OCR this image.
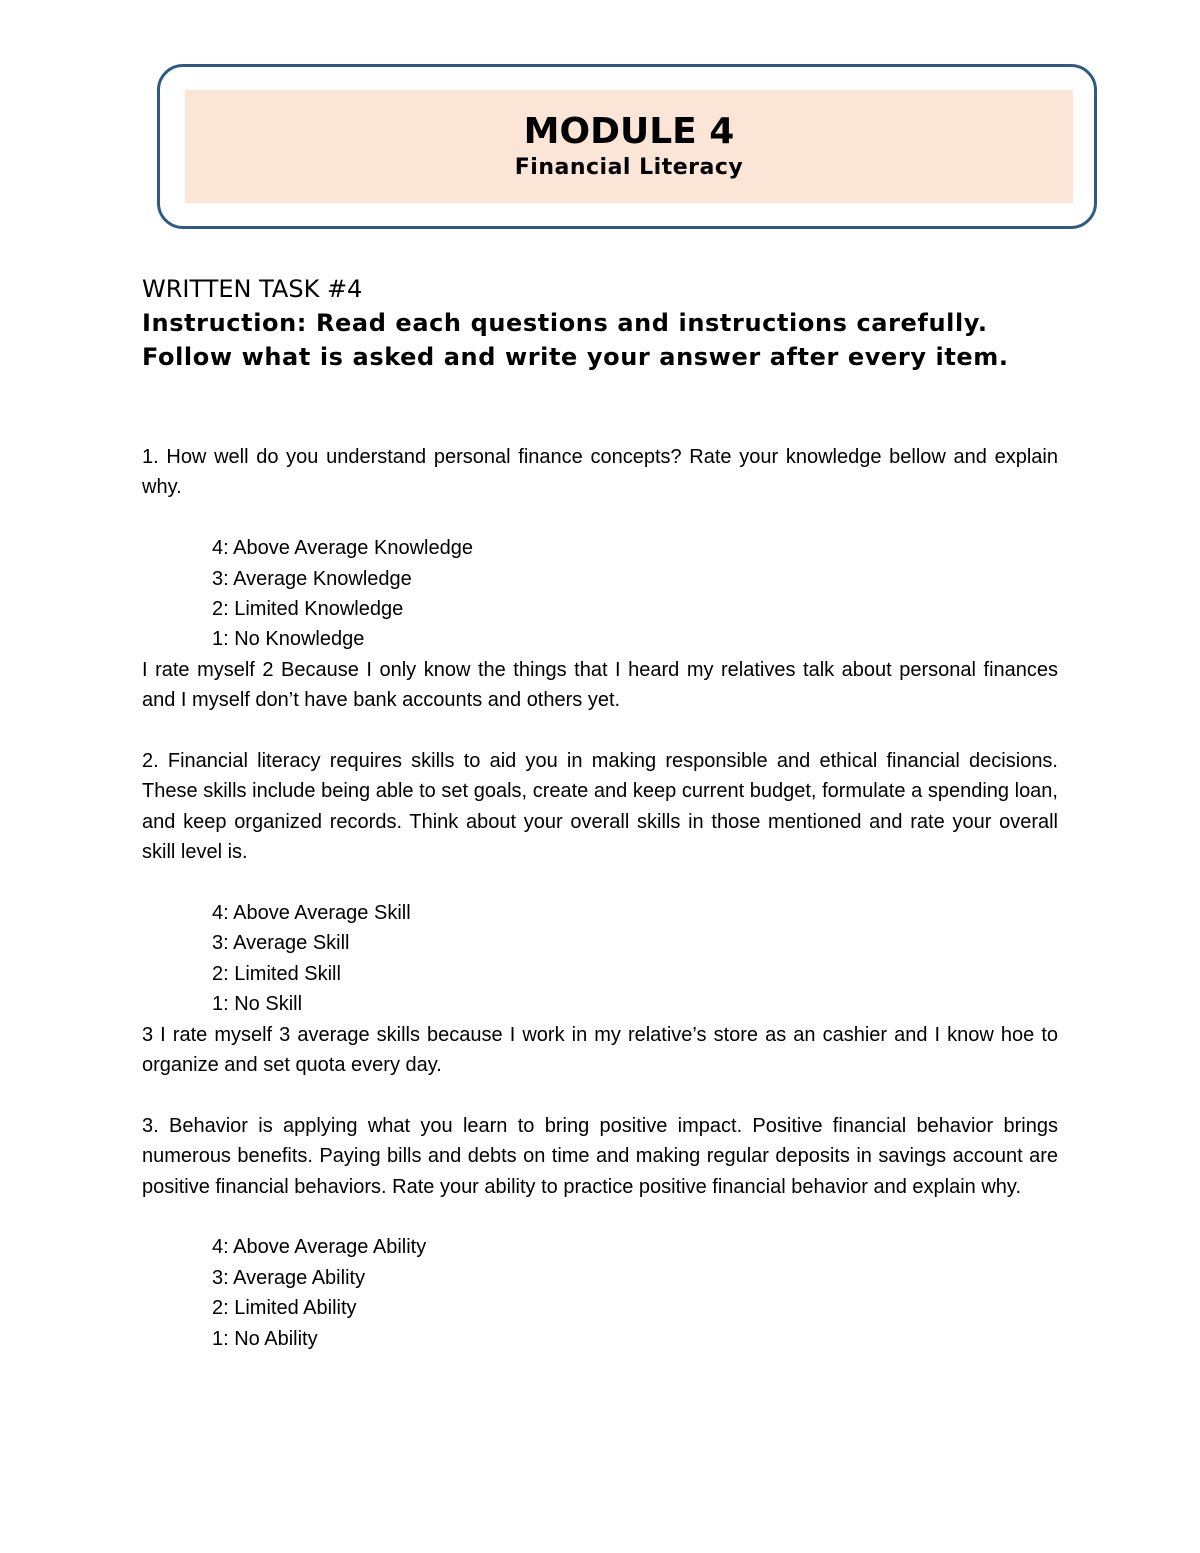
MODULE 4
Financial Literacy
WRITTEN TASK #4
Instruction: Read each questions and instructions carefully. Follow what is asked and write your answer after every item.

1. How well do you understand personal finance concepts? Rate your knowledge bellow and explain why.

4: Above Average Knowledge

3: Average Knowledge

2: Limited Knowledge

1: No Knowledge

I rate myself 2 Because I only know the things that I heard my relatives talk about personal finances and I myself don’t have bank accounts and others yet.

2. Financial literacy requires skills to aid you in making responsible and ethical financial decisions. These skills include being able to set goals, create and keep current budget, formulate a spending loan, and keep organized records. Think about your overall skills in those mentioned and rate your overall skill level is.

4: Above Average Skill

3: Average Skill

2: Limited Skill

1: No Skill

3 I rate myself 3 average skills because I work in my relative’s store as an cashier and I know hoe to organize and set quota every day.

3. Behavior is applying what you learn to bring positive impact. Positive financial behavior brings numerous benefits. Paying bills and debts on time and making regular deposits in savings account are positive financial behaviors. Rate your ability to practice positive financial behavior and explain why.

4: Above Average Ability

3: Average Ability

2: Limited Ability

1: No Ability
